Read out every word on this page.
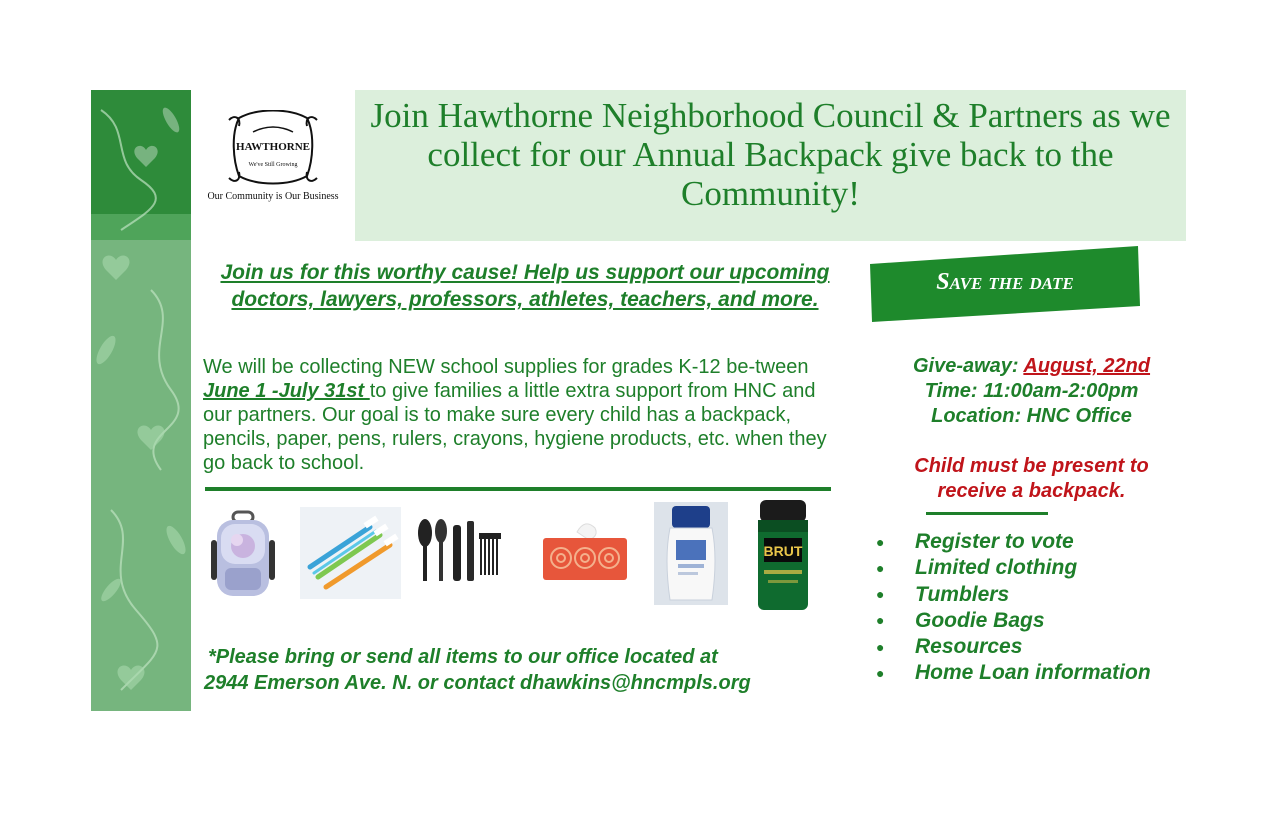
HAWTHORNE
We've Still Growing
Our Community is Our Business
Join Hawthorne Neighborhood Council & Partners as we collect for our Annual Backpack give back to the Community!
Join us for this worthy cause! Help us support our upcoming doctors, lawyers, professors, athletes, teachers, and more.
We will be collecting NEW school supplies for grades K-12 be-tween June 1 -July 31st to give families a little extra support from HNC and our partners. Our goal is to make sure every child has a backpack, pencils, paper, pens, rulers, crayons, hygiene products, etc. when they go back to school.
BRUT
*Please bring or send all items to our office located at
2944 Emerson Ave. N. or contact dhawkins@hncmpls.org
Save the date
Give-away: August, 22nd
Time: 11:00am-2:00pm
Location: HNC Office
Child must be present to receive a backpack.
● Register to vote
● Limited clothing
● Tumblers
● Goodie Bags
● Resources
● Home Loan information
